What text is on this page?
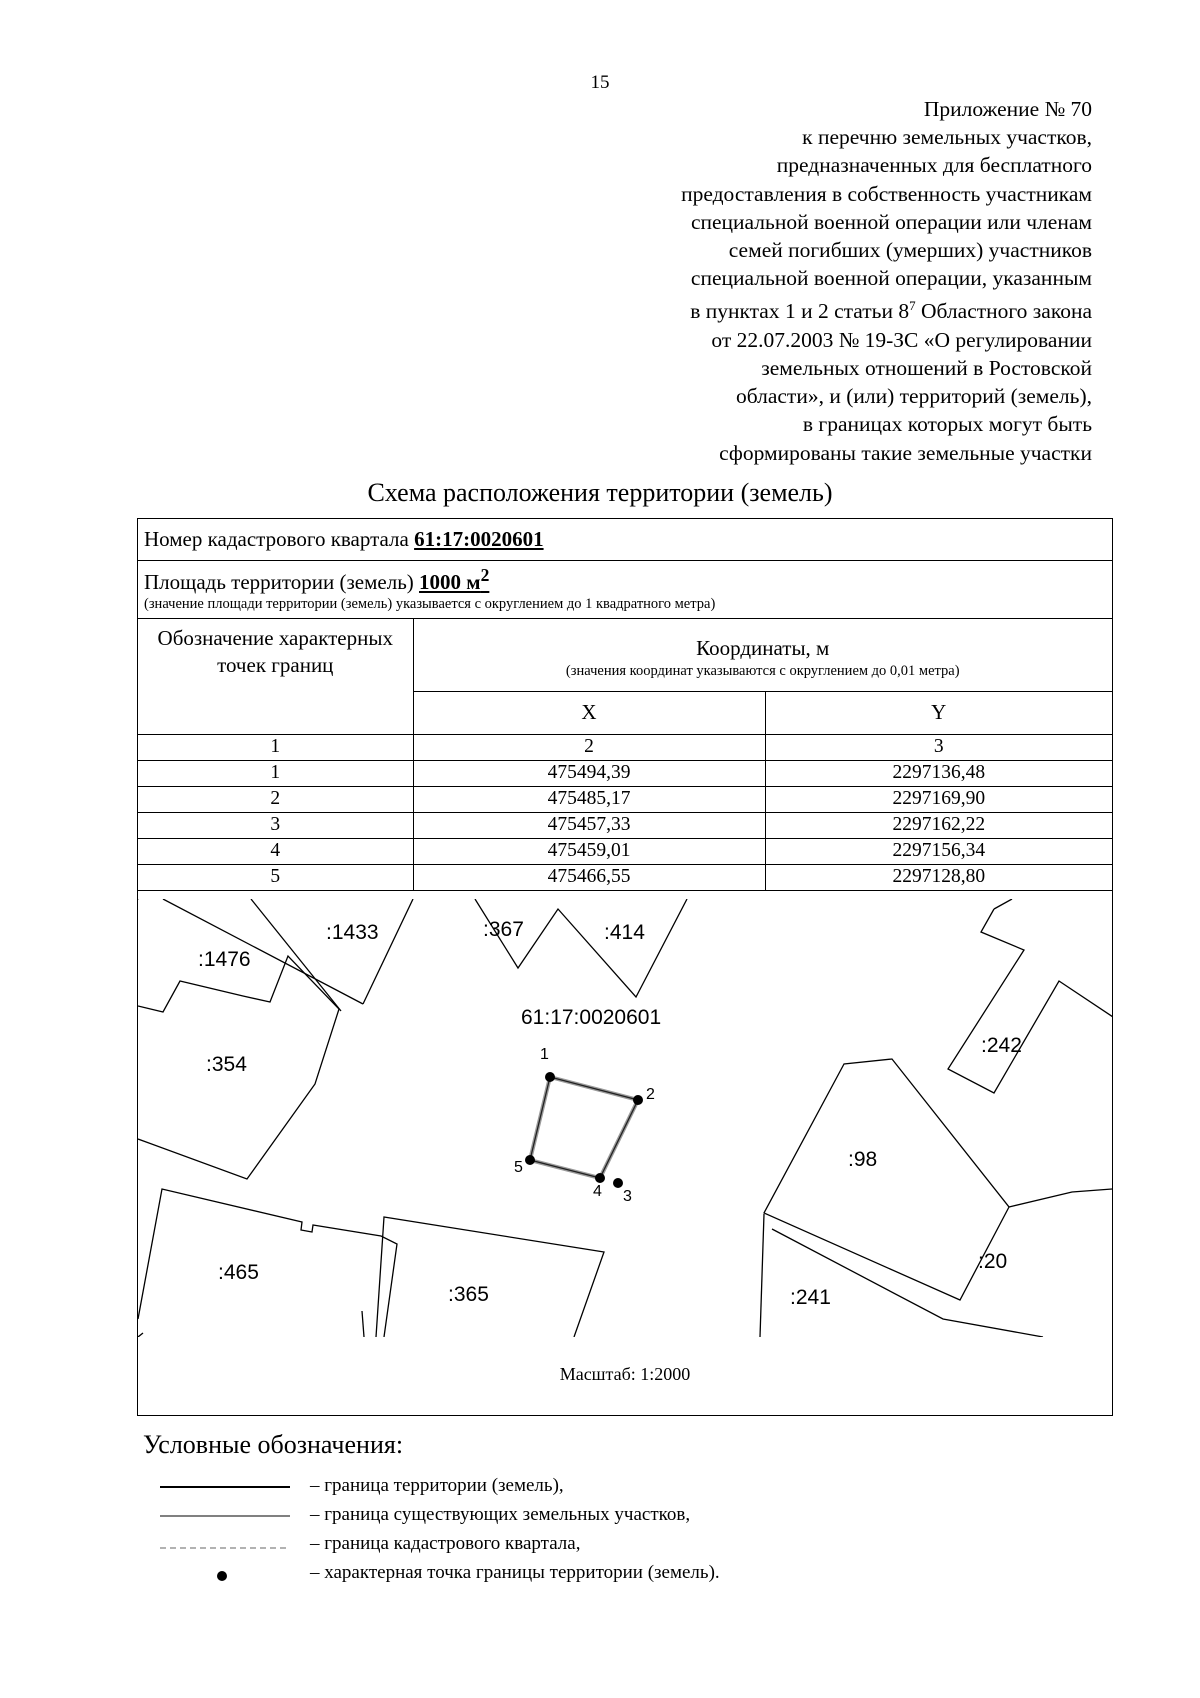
15
Приложение № 70
к перечню земельных участков,
предназначенных для бесплатного
предоставления в собственность участникам
специальной военной операции или членам
семей погибших (умерших) участников
специальной военной операции, указанным
в пунктах 1 и 2 статьи $8^7$ Областного закона
от 22.07.2003 № 19-ЗС «О регулировании
земельных отношений в Ростовской
области», и (или) территорий (земель),
в границах которых могут быть
сформированы такие земельные участки
Схема расположения территории (земель)
Номер кадастрового квартала 61:17:0020601
Площадь территории (земель) 1000 $м^2$
(значение площади территории (земель) указывается с округлением до 1 квадратного метра)
Обозначение характерных точек границ	Координаты, м
(значения координат указываются с округлением до 0,01 метра)	

	X	Y
1	2	3
1	475494,39	2297136,48
2	475485,17	2297169,90
3	475457,33	2297162,22
4	475459,01	2297156,34
5	475466,55	2297128,80
61:17:0020601
:1433	:367	:414
:1476
:354
:242
:98
:465
:365
:20
:241
1
2
3
4
5
Масштаб: 1:2000
Условные обозначения:
– граница территории (земель),
– граница существующих земельных участков,
– граница кадастрового квартала,
– характерная точка границы территории (земель).
